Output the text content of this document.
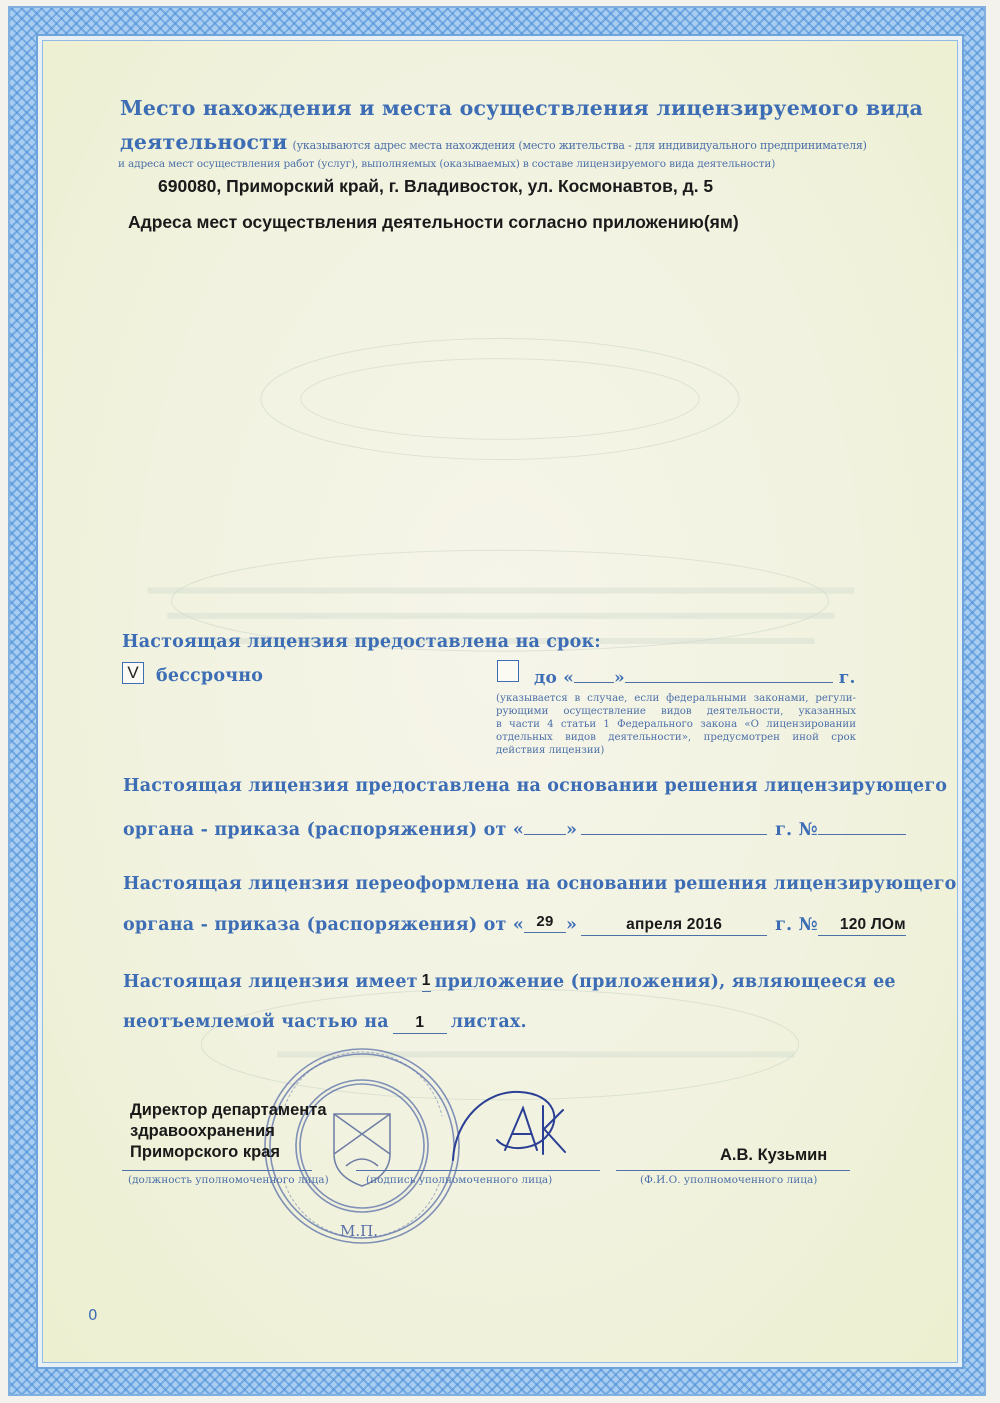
Место нахождения и места осуществления лицензируемого вида
деятельности (указываются адрес места нахождения (место жительства - для индивидуального предпринимателя)
и адреса мест осуществления работ (услуг), выполняемых (оказываемых) в составе лицензируемого вида деятельности)
690080, Приморский край, г. Владивосток, ул. Космонавтов, д. 5
Адреса мест осуществления деятельности согласно приложению(ям)
Настоящая лицензия предоставлена на срок:
V бессрочно	до « »	г.
(указывается в случае, если федеральными законами, регули-
рующими осуществление видов деятельности, указанных
в части 4 статьи 1 Федерального закона «О лицензировании
отдельных видов деятельности», предусмотрен иной срок
действия лицензии)
Настоящая лицензия предоставлена на основании решения лицензирующего
органа - приказа (распоряжения) от « »	г. №
Настоящая лицензия переоформлена на основании решения лицензирующего
органа - приказа (распоряжения) от « 29 »	апреля 2016	г. № 120 ЛОм
Настоящая лицензия имеет 1 приложение (приложения), являющееся ее
неотъемлемой частью на 1 листах.
М.П.
Директор департамента
здравоохранения
Приморского края	А.В. Кузьмин
(должность уполномоченного лица)	(подпись уполномоченного лица)	(Ф.И.О. уполномоченного лица)
0
